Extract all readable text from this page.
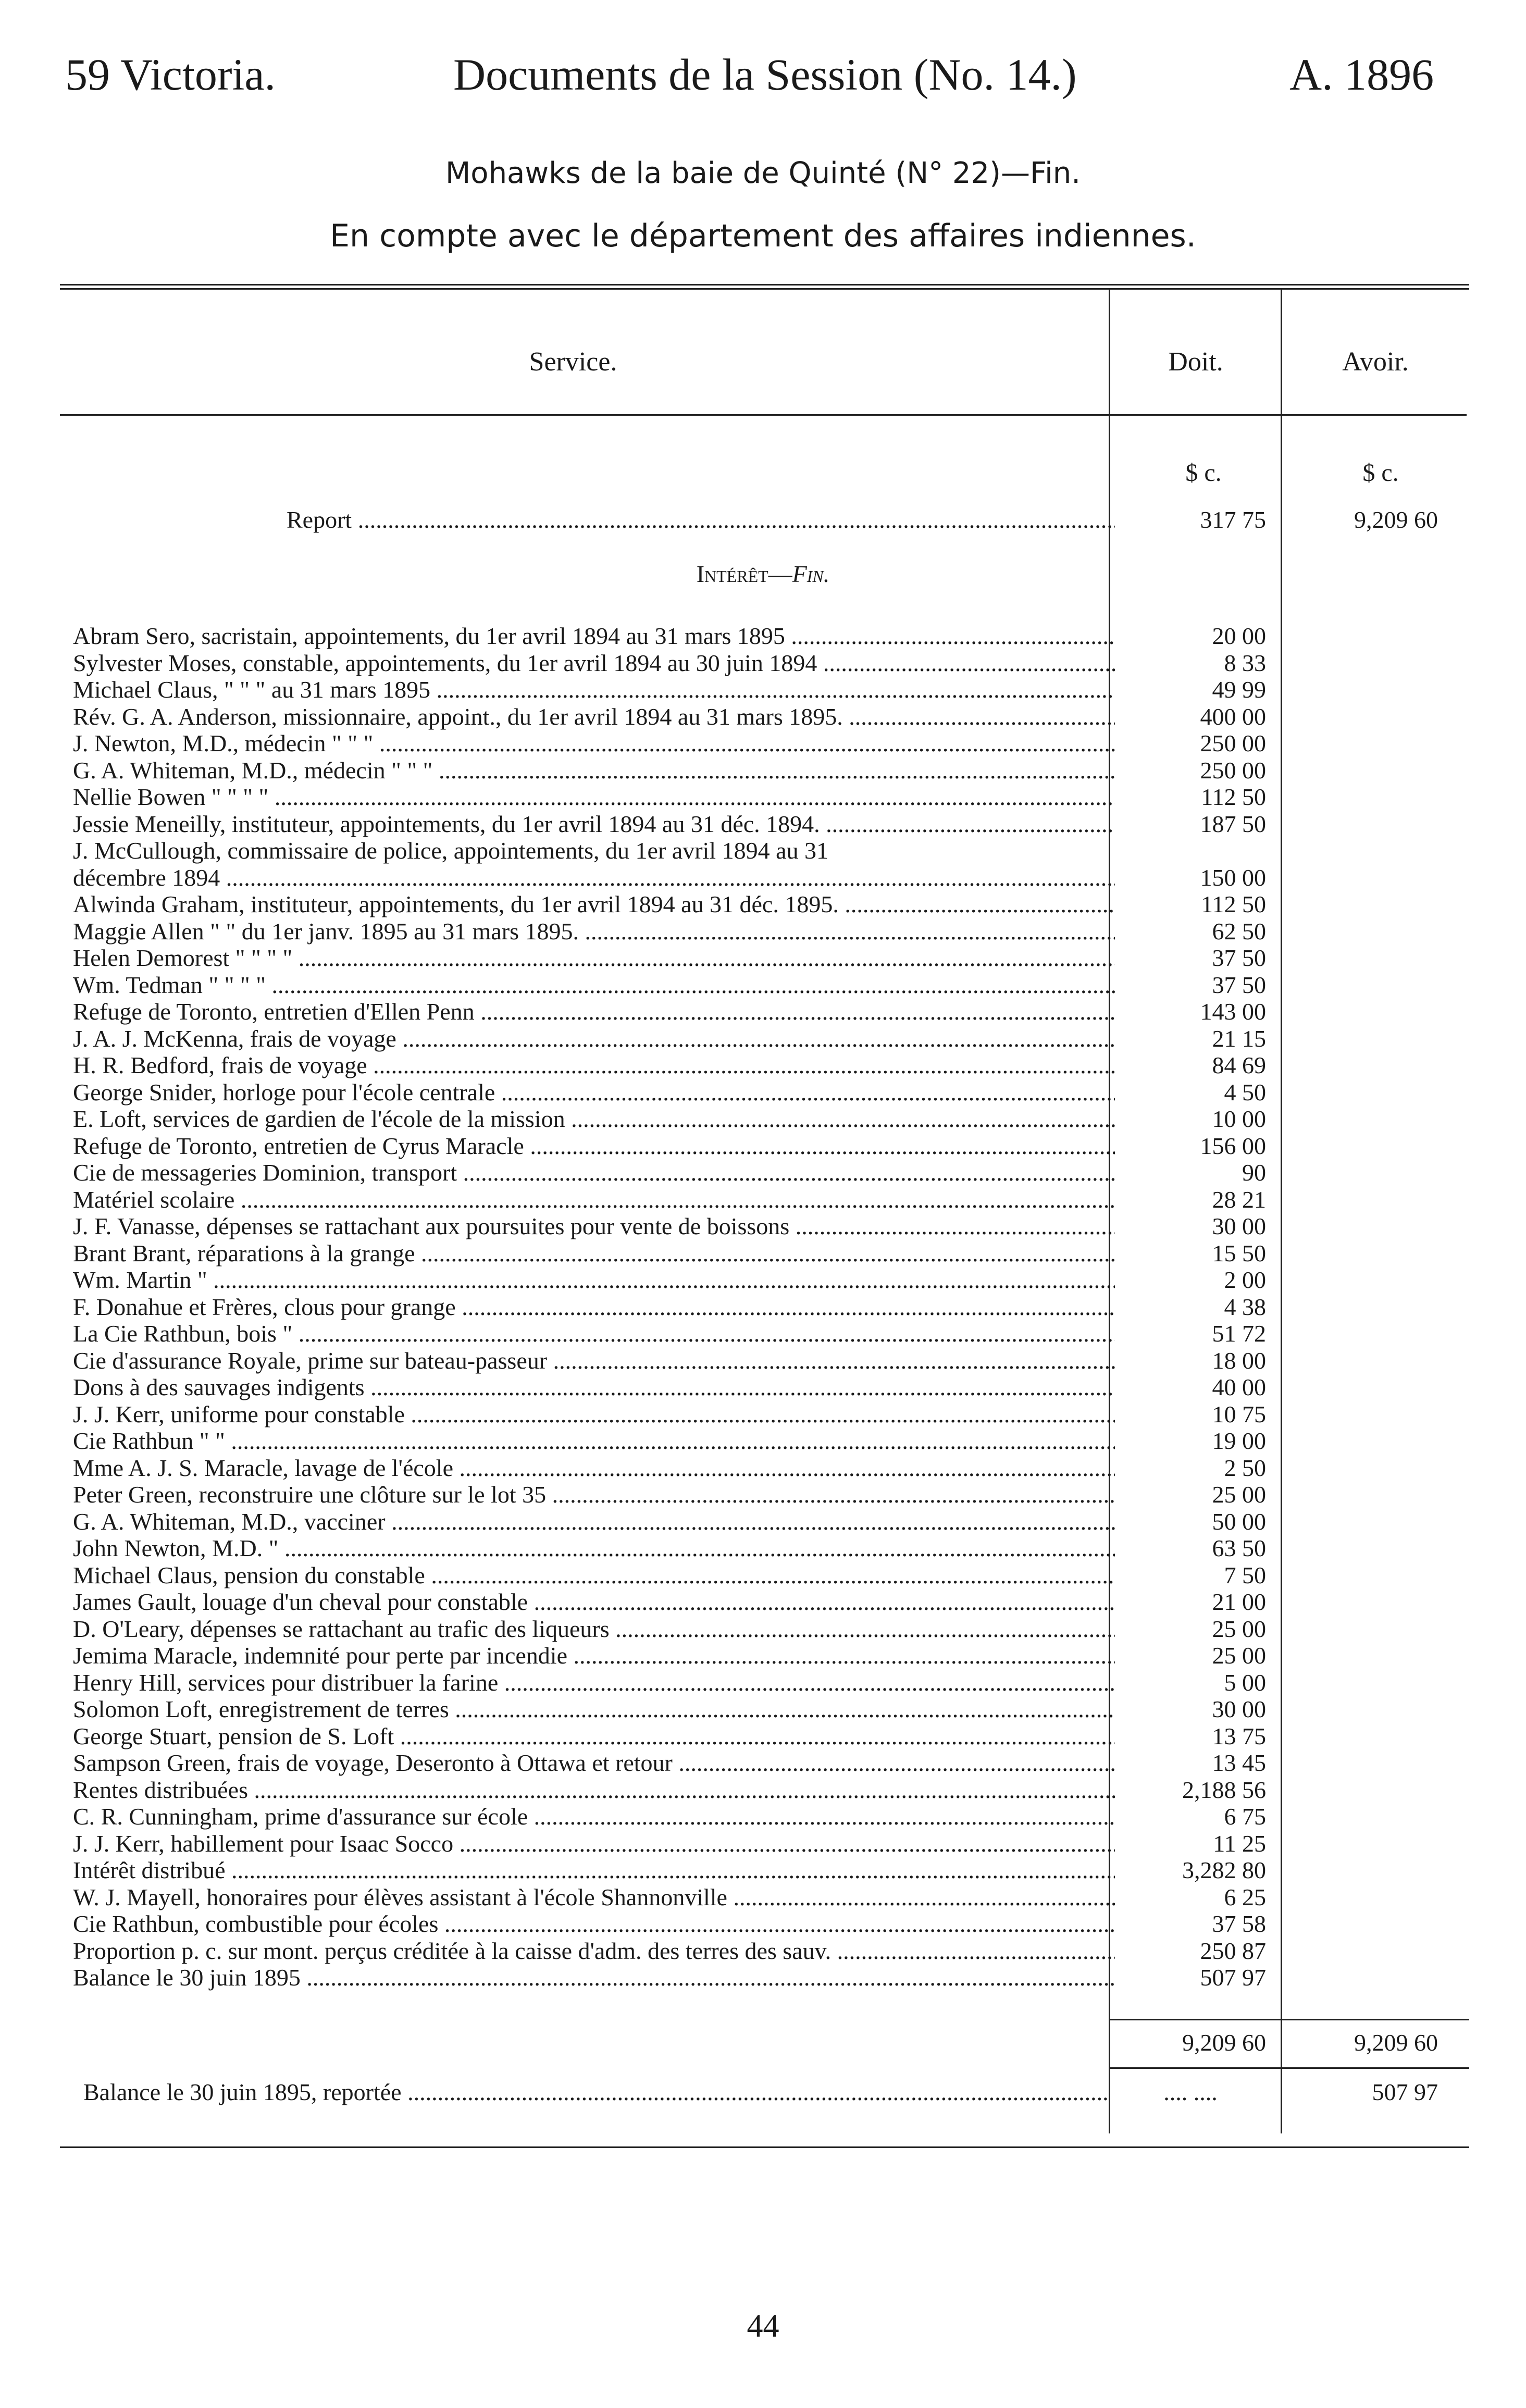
59 Victoria.	Documents de la Session (No. 14.)	A. 1896
Mohawks de la baie de Quinté (N° 22)—Fin.
En compte avec le département des affaires indiennes.
Service.	Doit.	Avoir.
$ c.	$ c.
Report .....	317 75	9,209 60
Intérêt—Fin.
Abram Sero, sacristain, appointements, du 1er avril 1894 au 31 mars 1895 .....	20 00
Sylvester Moses, constable, appointements, du 1er avril 1894 au 30 juin 1894 .....	8 33
Michael Claus, " " " au 31 mars 1895 .....	49 99
Rév. G. A. Anderson, missionnaire, appoint., du 1er avril 1894 au 31 mars 1895. .....	400 00
J. Newton, M.D., médecin " " " .....	250 00
G. A. Whiteman, M.D., médecin " " " .....	250 00
Nellie Bowen " " " " .....	112 50
Jessie Meneilly, instituteur, appointements, du 1er avril 1894 au 31 déc. 1894. .....	187 50
J. McCullough, commissaire de police, appointements, du 1er avril 1894 au 31
décembre 1894 .....	150 00
Alwinda Graham, instituteur, appointements, du 1er avril 1894 au 31 déc. 1895. .....	112 50
Maggie Allen " " du 1er janv. 1895 au 31 mars 1895. .....	62 50
Helen Demorest " " " " .....	37 50
Wm. Tedman " " " " .....	37 50
Refuge de Toronto, entretien d'Ellen Penn .....	143 00
J. A. J. McKenna, frais de voyage .....	21 15
H. R. Bedford, frais de voyage .....	84 69
George Snider, horloge pour l'école centrale .....	4 50
E. Loft, services de gardien de l'école de la mission .....	10 00
Refuge de Toronto, entretien de Cyrus Maracle .....	156 00
Cie de messageries Dominion, transport .....	90
Matériel scolaire .....	28 21
J. F. Vanasse, dépenses se rattachant aux poursuites pour vente de boissons .....	30 00
Brant Brant, réparations à la grange .....	15 50
Wm. Martin " .....	2 00
F. Donahue et Frères, clous pour grange .....	4 38
La Cie Rathbun, bois " .....	51 72
Cie d'assurance Royale, prime sur bateau-passeur .....	18 00
Dons à des sauvages indigents .....	40 00
J. J. Kerr, uniforme pour constable .....	10 75
Cie Rathbun " " .....	19 00
Mme A. J. S. Maracle, lavage de l'école .....	2 50
Peter Green, reconstruire une clôture sur le lot 35 .....	25 00
G. A. Whiteman, M.D., vacciner .....	50 00
John Newton, M.D. " .....	63 50
Michael Claus, pension du constable .....	7 50
James Gault, louage d'un cheval pour constable .....	21 00
D. O'Leary, dépenses se rattachant au trafic des liqueurs .....	25 00
Jemima Maracle, indemnité pour perte par incendie .....	25 00
Henry Hill, services pour distribuer la farine .....	5 00
Solomon Loft, enregistrement de terres .....	30 00
George Stuart, pension de S. Loft .....	13 75
Sampson Green, frais de voyage, Deseronto à Ottawa et retour .....	13 45
Rentes distribuées .....	2,188 56
C. R. Cunningham, prime d'assurance sur école .....	6 75
J. J. Kerr, habillement pour Isaac Socco .....	11 25
Intérêt distribué .....	3,282 80
W. J. Mayell, honoraires pour élèves assistant à l'école Shannonville .....	6 25
Cie Rathbun, combustible pour écoles .....	37 58
Proportion p. c. sur mont. perçus créditée à la caisse d'adm. des terres des sauv. .....	250 87
Balance le 30 juin 1895 .....	507 97
9,209 60	9,209 60
Balance le 30 juin 1895, reportée .....	.... ....	507 97
44
